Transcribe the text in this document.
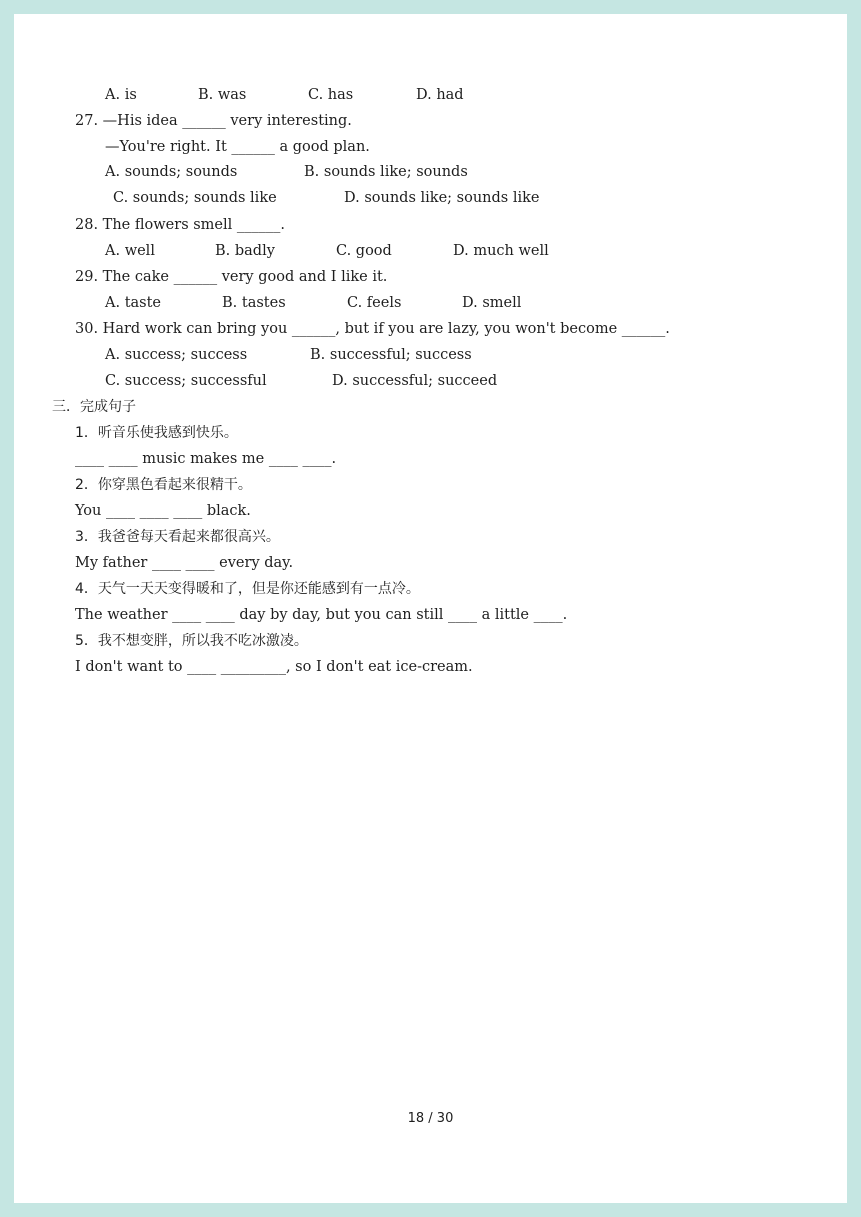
A. is	B. was	C. has	D. had
27. —His idea ______ very interesting.
—You're right. It ______ a good plan.
A. sounds; sounds	B. sounds like; sounds
C. sounds; sounds like	D. sounds like; sounds like
28. The flowers smell ______.
A. well	B. badly	C. good	D. much well
29. The cake ______ very good and I like it.
A. taste	B. tastes	C. feels	D. smell
30. Hard work can bring you ______, but if you are lazy, you won't become ______.
A. success; success	B. successful; success
C. success; successful	D. successful; succeed
三．完成句子
1．听音乐使我感到快乐。
____ ____ music makes me ____ ____.
2．你穿黑色看起来很精干。
You ____ ____ ____ black.
3．我爸爸每天看起来都很高兴。
My father ____ ____ every day.
4．天气一天天变得暖和了，但是你还能感到有一点冷。
The weather ____ ____ day by day, but you can still ____ a little ____.
5．我不想变胖，所以我不吃冰激凌。
I don't want to ____ _________, so I don't eat ice-cream.
18 / 30
